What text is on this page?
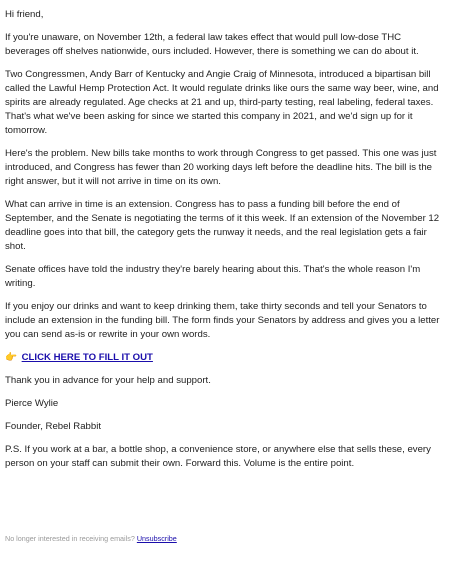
Hi friend,

If you're unaware, on November 12th, a federal law takes effect that would pull low-dose THC beverages off shelves nationwide, ours included. However, there is something we can do about it.

Two Congressmen, Andy Barr of Kentucky and Angie Craig of Minnesota, introduced a bipartisan bill called the Lawful Hemp Protection Act. It would regulate drinks like ours the same way beer, wine, and spirits are already regulated. Age checks at 21 and up, third-party testing, real labeling, federal taxes. That's what we've been asking for since we started this company in 2021, and we'd sign up for it tomorrow.

Here's the problem. New bills take months to work through Congress to get passed. This one was just introduced, and Congress has fewer than 20 working days left before the deadline hits. The bill is the right answer, but it will not arrive in time on its own.

What can arrive in time is an extension. Congress has to pass a funding bill before the end of September, and the Senate is negotiating the terms of it this week. If an extension of the November 12 deadline goes into that bill, the category gets the runway it needs, and the real legislation gets a fair shot.

Senate offices have told the industry they're barely hearing about this. That's the whole reason I'm writing.

If you enjoy our drinks and want to keep drinking them, take thirty seconds and tell your Senators to include an extension in the funding bill. The form finds your Senators by address and gives you a letter you can send as-is or rewrite in your own words.

👉 CLICK HERE TO FILL IT OUT

Thank you in advance for your help and support.

Pierce Wylie

Founder, Rebel Rabbit

P.S. If you work at a bar, a bottle shop, a convenience store, or anywhere else that sells these, every person on your staff can submit their own. Forward this. Volume is the entire point.

No longer interested in receiving emails? Unsubscribe
